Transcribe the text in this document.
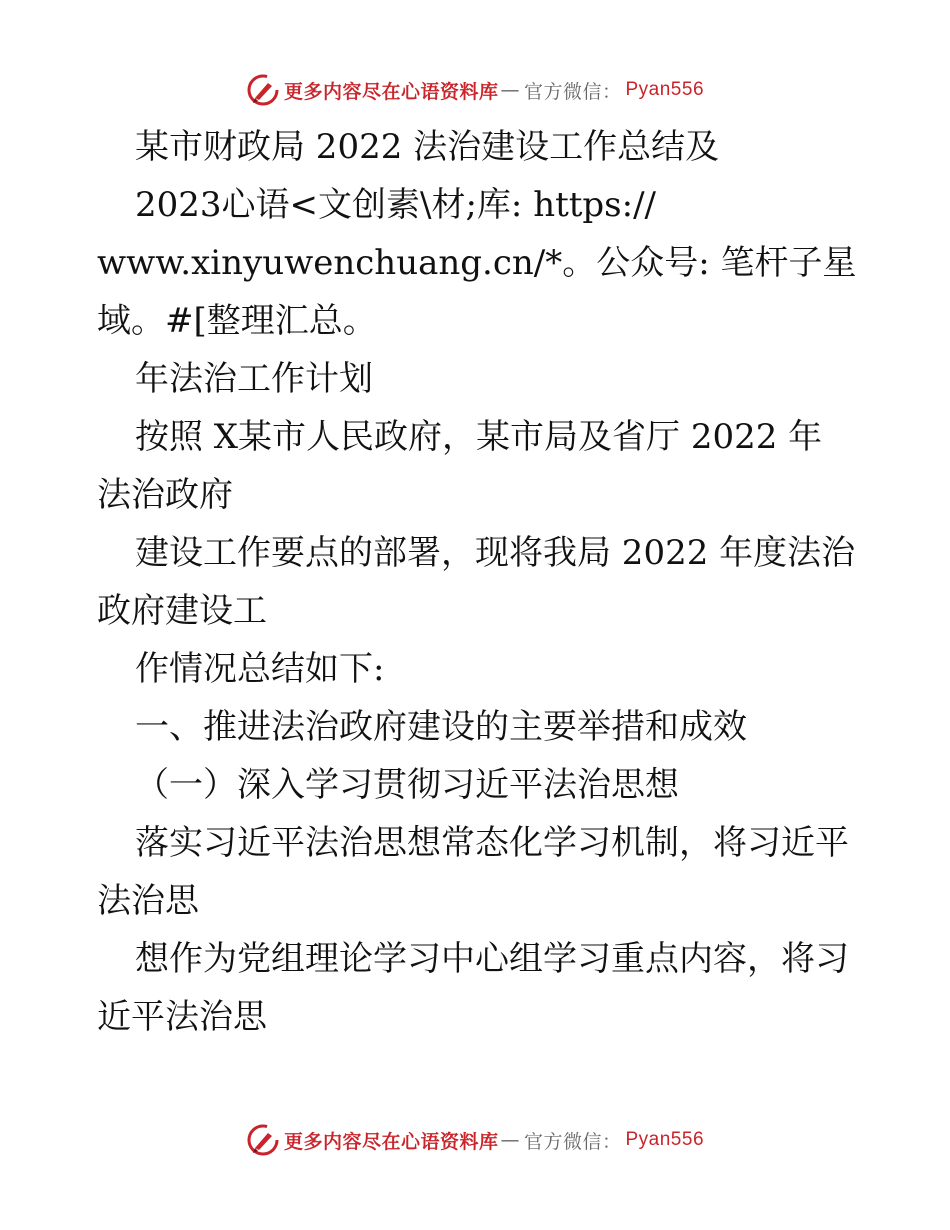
更多内容尽在心语资料库 — 官方微信： Pyan556

某市财政局 2022 法治建设工作总结及

2023心语<文创素\材;库: https://

www.xinyuwenchuang.cn/*。公众号: 笔杆子星

域。#[整理汇总。

年法治工作计划

按照 X某市人民政府，某市局及省厅 2022 年

法治政府

建设工作要点的部署，现将我局 2022 年度法治

政府建设工

作情况总结如下:

一、推进法治政府建设的主要举措和成效

（一）深入学习贯彻习近平法治思想

落实习近平法治思想常态化学习机制，将习近平

法治思

想作为党组理论学习中心组学习重点内容，将习

近平法治思

更多内容尽在心语资料库 — 官方微信： Pyan556
